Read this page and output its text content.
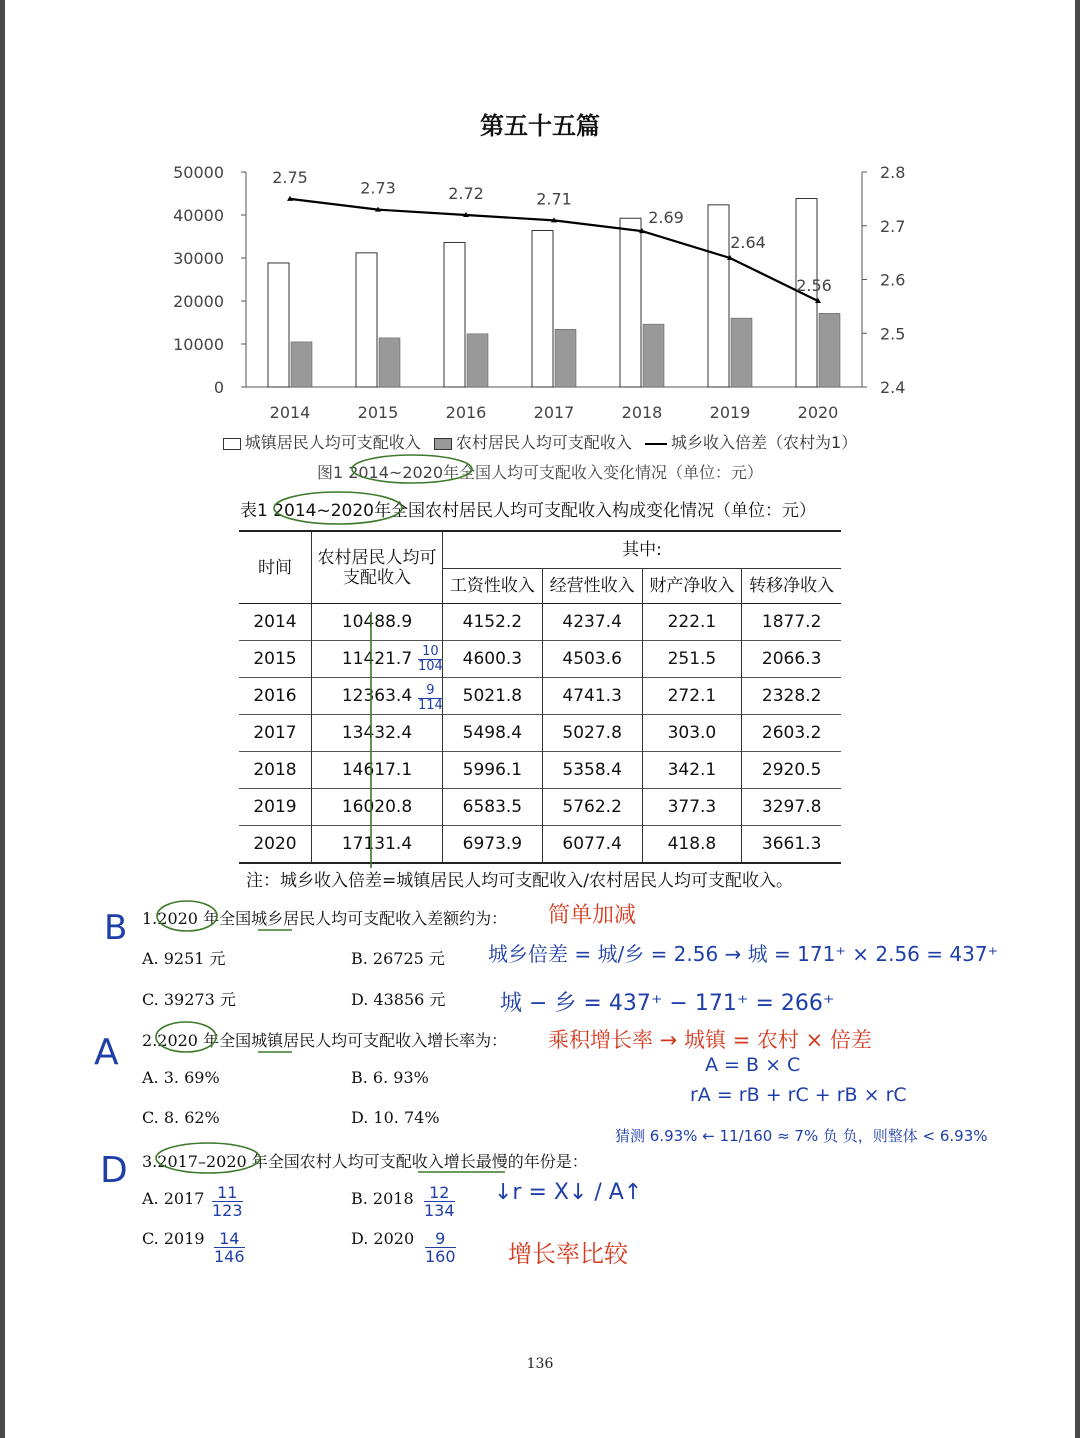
第五十五篇
50000
40000
30000
20000
10000
0
2.8
2.7
2.6
2.5
2.4
2014	2015	2016	2017	2018	2019	2020
2.75
2.73	2.72	2.71
2.69
2.64
2.56
城镇居民人均可支配收入 农村居民人均可支配收入 城乡收入倍差（农村为1）
图1 2014~2020年全国人均可支配收入变化情况（单位：元）
表1 2014~2020年全国农村居民人均可支配收入构成变化情况（单位：元）
时间	农村居民人均可支配收入	其中:			
		工资性收入	经营性收入	财产净收入	转移净收入
2014	10488.9	4152.2	4237.4	222.1	1877.2
2015	11421.7	4600.3	4503.6	251.5	2066.3
2016	12363.4	5021.8	4741.3	272.1	2328.2
2017	13432.4	5498.4	5027.8	303.0	2603.2
2018	14617.1	5996.1	5358.4	342.1	2920.5
2019	16020.8	6583.5	5762.2	377.3	3297.8
2020	17131.4	6973.9	6077.4	418.8	3661.3
注：城乡收入倍差=城镇居民人均可支配收入/农村居民人均可支配收入。
1.2020 年全国城乡居民人均可支配收入差额约为：
A. 9251 元	B. 26725 元
C. 39273 元	D. 43856 元
2.2020 年全国城镇居民人均可支配收入增长率为：
A. 3. 69%	B. 6. 93%
C. 8. 62%	D. 10. 74%
3.2017–2020 年全国农村人均可支配收入增长最慢的年份是：
A. 2017	B. 2018
C. 2019	D. 2020
B
A
D
简单加减
城乡倍差 = 城/乡 = 2.56 → 城 = 171⁺ × 2.56 = 437⁺
城 − 乡 = 437⁺ − 171⁺ = 266⁺
乘积增长率 → 城镇 = 农村 × 倍差
A = B × C
rA = rB + rC + rB × rC
猜测 6.93% ← 11/160 ≈ 7% 负 负，则整体 < 6.93%
↓r = X↓ / A↑
增长率比较
10
104
9
114
11
123
12
134
14
146
9
160
136
